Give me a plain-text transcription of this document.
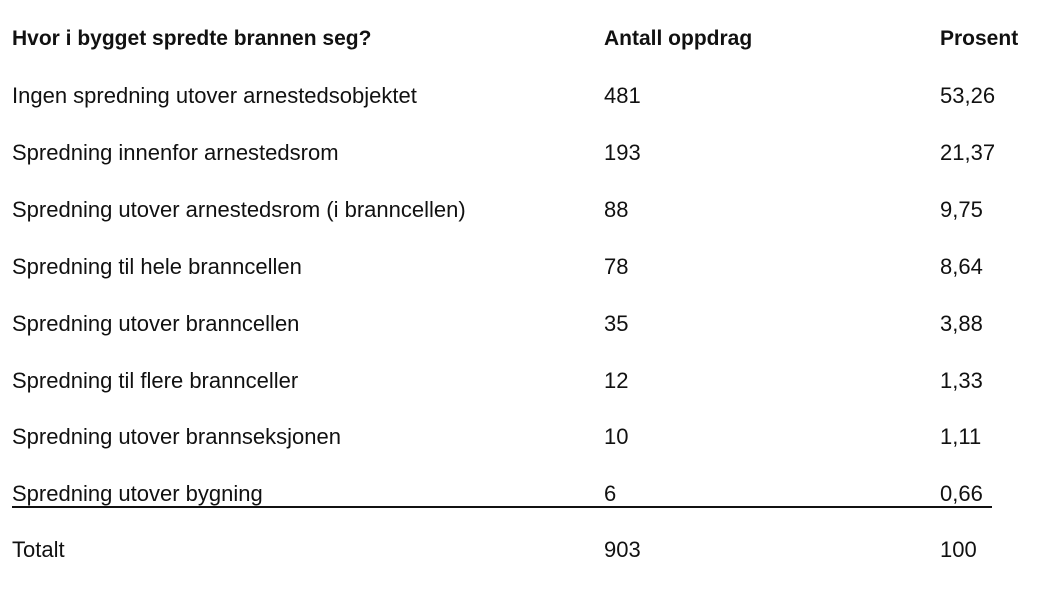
Hvor i bygget spredte brannen seg?	Antall oppdrag	Prosent
Ingen spredning utover arnestedsobjektet	481	53,26
Spredning innenfor arnestedsrom	193	21,37
Spredning utover arnestedsrom (i branncellen)	88	9,75
Spredning til hele branncellen	78	8,64
Spredning utover branncellen	35	3,88
Spredning til flere brannceller	12	1,33
Spredning utover brannseksjonen	10	1,11
Spredning utover bygning	6	0,66
Totalt	903	100
